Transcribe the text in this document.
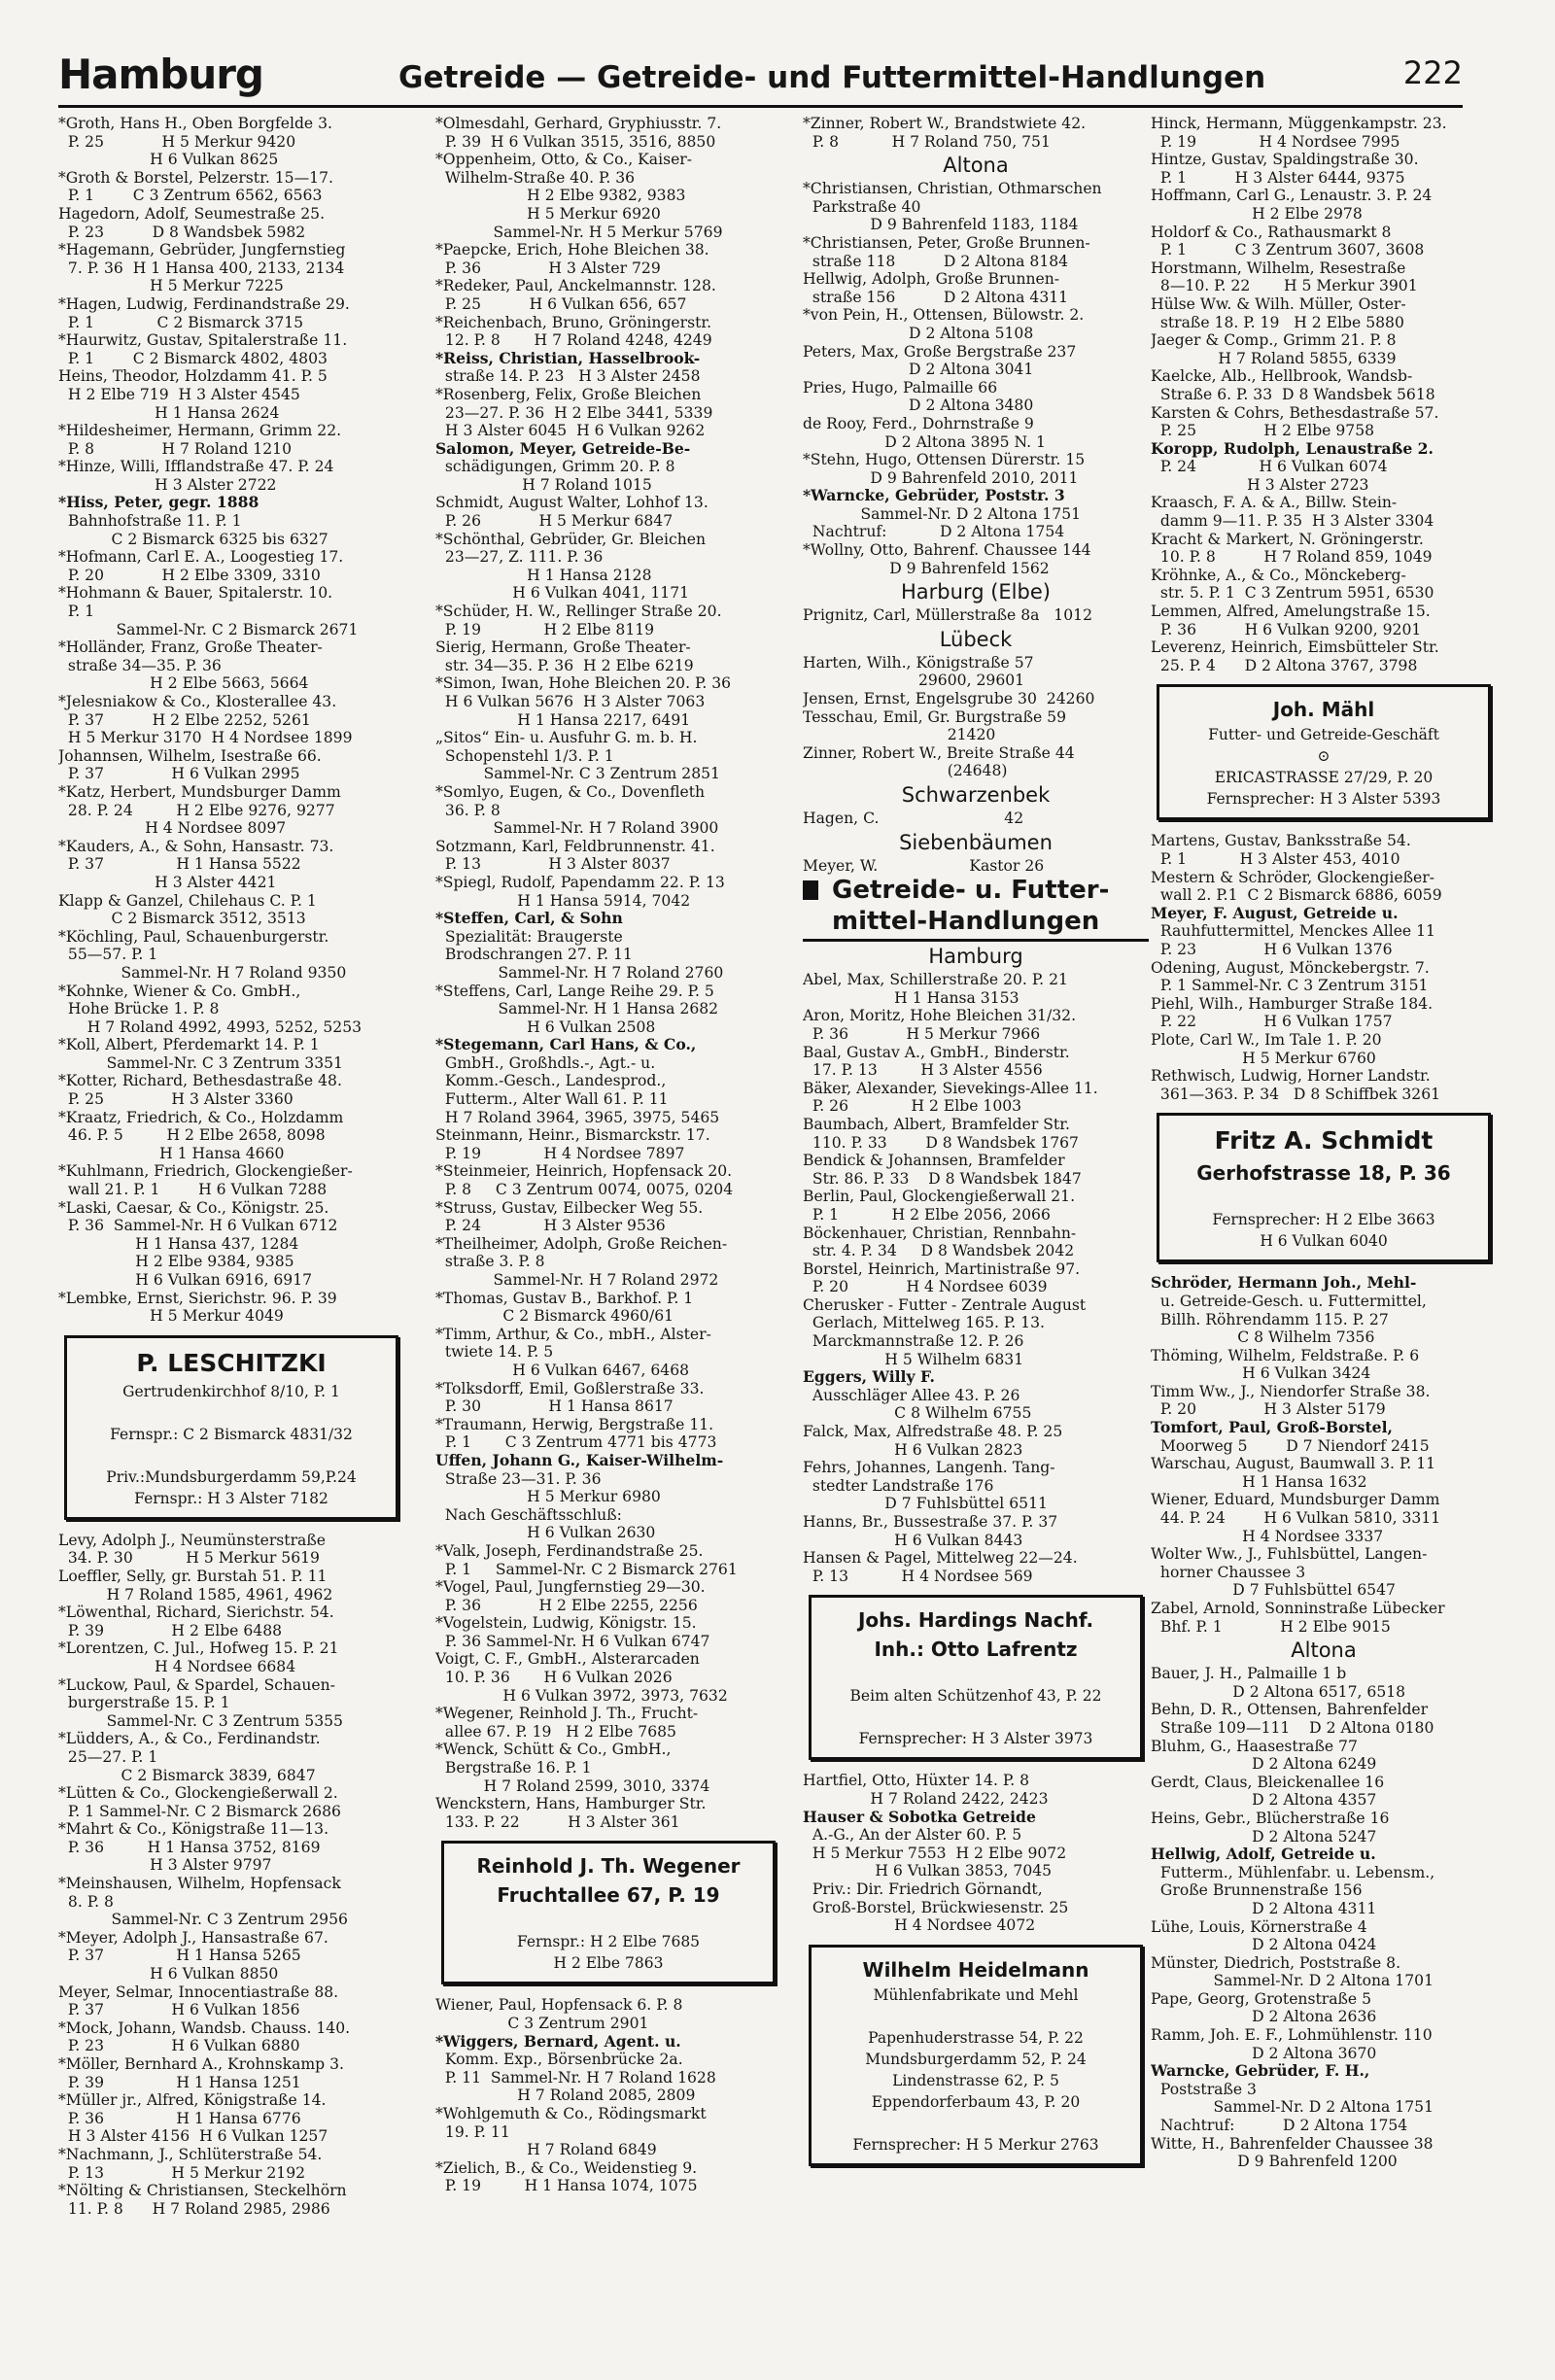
Hamburg	Getreide — Getreide- und Futtermittel-Handlungen	222
*Groth, Hans H., Oben Borgfelde 3.
P. 25            H 5 Merkur 9420
H 6 Vulkan 8625
*Groth & Borstel, Pelzerstr. 15—17.
P. 1        C 3 Zentrum 6562, 6563
Hagedorn, Adolf, Seumestraße 25.
P. 23          D 8 Wandsbek 5982
*Hagemann, Gebrüder, Jungfernstieg
7. P. 36  H 1 Hansa 400, 2133, 2134
H 5 Merkur 7225
*Hagen, Ludwig, Ferdinandstraße 29.
P. 1             C 2 Bismarck 3715
*Haurwitz, Gustav, Spitalerstraße 11.
P. 1        C 2 Bismarck 4802, 4803
Heins, Theodor, Holzdamm 41. P. 5
H 2 Elbe 719  H 3 Alster 4545
H 1 Hansa 2624
*Hildesheimer, Hermann, Grimm 22.
P. 8              H 7 Roland 1210
*Hinze, Willi, Ifflandstraße 47. P. 24
H 3 Alster 2722
*Hiss, Peter, gegr. 1888
Bahnhofstraße 11. P. 1
C 2 Bismarck 6325 bis 6327
*Hofmann, Carl E. A., Loogestieg 17.
P. 20            H 2 Elbe 3309, 3310
*Hohmann & Bauer, Spitalerstr. 10.
P. 1
Sammel-Nr. C 2 Bismarck 2671
*Holländer, Franz, Große Theater-
straße 34—35. P. 36
H 2 Elbe 5663, 5664
*Jelesniakow & Co., Klosterallee 43.
P. 37          H 2 Elbe 2252, 5261
H 5 Merkur 3170  H 4 Nordsee 1899
Johannsen, Wilhelm, Isestraße 66.
P. 37              H 6 Vulkan 2995
*Katz, Herbert, Mundsburger Damm
28. P. 24         H 2 Elbe 9276, 9277
H 4 Nordsee 8097
*Kauders, A., & Sohn, Hansastr. 73.
P. 37               H 1 Hansa 5522
H 3 Alster 4421
Klapp & Ganzel, Chilehaus C. P. 1
C 2 Bismarck 3512, 3513
*Köchling, Paul, Schauenburgerstr.
55—57. P. 1
Sammel-Nr. H 7 Roland 9350
*Kohnke, Wiener & Co. GmbH.,
Hohe Brücke 1. P. 8
H 7 Roland 4992, 4993, 5252, 5253
*Koll, Albert, Pferdemarkt 14. P. 1
Sammel-Nr. C 3 Zentrum 3351
*Kotter, Richard, Bethesdastraße 48.
P. 25              H 3 Alster 3360
*Kraatz, Friedrich, & Co., Holzdamm
46. P. 5         H 2 Elbe 2658, 8098
H 1 Hansa 4660
*Kuhlmann, Friedrich, Glockengießer-
wall 21. P. 1        H 6 Vulkan 7288
*Laski, Caesar, & Co., Königstr. 25.
P. 36  Sammel-Nr. H 6 Vulkan 6712
H 1 Hansa 437, 1284
H 2 Elbe 9384, 9385
H 6 Vulkan 6916, 6917
*Lembke, Ernst, Sierichstr. 96. P. 39
H 5 Merkur 4049
P. LESCHITZKI
Gertrudenkirchhof 8/10, P. 1

Fernspr.: C 2 Bismarck 4831/32

Priv.:Mundsburgerdamm 59,P.24
Fernspr.: H 3 Alster 7182
Levy, Adolph J., Neumünsterstraße
34. P. 30           H 5 Merkur 5619
Loeffler, Selly, gr. Burstah 51. P. 11
H 7 Roland 1585, 4961, 4962
*Löwenthal, Richard, Sierichstr. 54.
P. 39              H 2 Elbe 6488
*Lorentzen, C. Jul., Hofweg 15. P. 21
H 4 Nordsee 6684
*Luckow, Paul, & Spardel, Schauen-
burgerstraße 15. P. 1
Sammel-Nr. C 3 Zentrum 5355
*Lüdders, A., & Co., Ferdinandstr.
25—27. P. 1
C 2 Bismarck 3839, 6847
*Lütten & Co., Glockengießerwall 2.
P. 1 Sammel-Nr. C 2 Bismarck 2686
*Mahrt & Co., Königstraße 11—13.
P. 36         H 1 Hansa 3752, 8169
H 3 Alster 9797
*Meinshausen, Wilhelm, Hopfensack
8. P. 8
Sammel-Nr. C 3 Zentrum 2956
*Meyer, Adolph J., Hansastraße 67.
P. 37               H 1 Hansa 5265
H 6 Vulkan 8850
Meyer, Selmar, Innocentiastraße 88.
P. 37              H 6 Vulkan 1856
*Mock, Johann, Wandsb. Chauss. 140.
P. 23              H 6 Vulkan 6880
*Möller, Bernhard A., Krohnskamp 3.
P. 39               H 1 Hansa 1251
*Müller jr., Alfred, Königstraße 14.
P. 36               H 1 Hansa 6776
H 3 Alster 4156  H 6 Vulkan 1257
*Nachmann, J., Schlüterstraße 54.
P. 13              H 5 Merkur 2192
*Nölting & Christiansen, Steckelhörn
11. P. 8      H 7 Roland 2985, 2986
*Olmesdahl, Gerhard, Gryphiusstr. 7.
P. 39  H 6 Vulkan 3515, 3516, 8850
*Oppenheim, Otto, & Co., Kaiser-
Wilhelm-Straße 40. P. 36
H 2 Elbe 9382, 9383
H 5 Merkur 6920
Sammel-Nr. H 5 Merkur 5769
*Paepcke, Erich, Hohe Bleichen 38.
P. 36              H 3 Alster 729
*Redeker, Paul, Anckelmannstr. 128.
P. 25          H 6 Vulkan 656, 657
*Reichenbach, Bruno, Gröningerstr.
12. P. 8       H 7 Roland 4248, 4249
*Reiss, Christian, Hasselbrook-
straße 14. P. 23   H 3 Alster 2458
*Rosenberg, Felix, Große Bleichen
23—27. P. 36  H 2 Elbe 3441, 5339
H 3 Alster 6045  H 6 Vulkan 9262
Salomon, Meyer, Getreide-Be-
schädigungen, Grimm 20. P. 8
H 7 Roland 1015
Schmidt, August Walter, Lohhof 13.
P. 26            H 5 Merkur 6847
*Schönthal, Gebrüder, Gr. Bleichen
23—27, Z. 111. P. 36
H 1 Hansa 2128
H 6 Vulkan 4041, 1171
*Schüder, H. W., Rellinger Straße 20.
P. 19             H 2 Elbe 8119
Sierig, Hermann, Große Theater-
str. 34—35. P. 36  H 2 Elbe 6219
*Simon, Iwan, Hohe Bleichen 20. P. 36
H 6 Vulkan 5676  H 3 Alster 7063
H 1 Hansa 2217, 6491
„Sitos“ Ein- u. Ausfuhr G. m. b. H.
Schopenstehl 1/3. P. 1
Sammel-Nr. C 3 Zentrum 2851
*Somlyo, Eugen, & Co., Dovenfleth
36. P. 8
Sammel-Nr. H 7 Roland 3900
Sotzmann, Karl, Feldbrunnenstr. 41.
P. 13              H 3 Alster 8037
*Spiegl, Rudolf, Papendamm 22. P. 13
H 1 Hansa 5914, 7042
*Steffen, Carl, & Sohn
Spezialität: Braugerste
Brodschrangen 27. P. 11
Sammel-Nr. H 7 Roland 2760
*Steffens, Carl, Lange Reihe 29. P. 5
Sammel-Nr. H 1 Hansa 2682
H 6 Vulkan 2508
*Stegemann, Carl Hans, & Co.,
GmbH., Großhdls.-, Agt.- u.
Komm.-Gesch., Landesprod.,
Futterm., Alter Wall 61. P. 11
H 7 Roland 3964, 3965, 3975, 5465
Steinmann, Heinr., Bismarckstr. 17.
P. 19             H 4 Nordsee 7897
*Steinmeier, Heinrich, Hopfensack 20.
P. 8     C 3 Zentrum 0074, 0075, 0204
*Struss, Gustav, Eilbecker Weg 55.
P. 24             H 3 Alster 9536
*Theilheimer, Adolph, Große Reichen-
straße 3. P. 8
Sammel-Nr. H 7 Roland 2972
*Thomas, Gustav B., Barkhof. P. 1
C 2 Bismarck 4960/61
*Timm, Arthur, & Co., mbH., Alster-
twiete 14. P. 5
H 6 Vulkan 6467, 6468
*Tolksdorff, Emil, Goßlerstraße 33.
P. 30              H 1 Hansa 8617
*Traumann, Herwig, Bergstraße 11.
P. 1       C 3 Zentrum 4771 bis 4773
Uffen, Johann G., Kaiser-Wilhelm-
Straße 23—31. P. 36
H 5 Merkur 6980
Nach Geschäftsschluß:
H 6 Vulkan 2630
*Valk, Joseph, Ferdinandstraße 25.
P. 1     Sammel-Nr. C 2 Bismarck 2761
*Vogel, Paul, Jungfernstieg 29—30.
P. 36            H 2 Elbe 2255, 2256
*Vogelstein, Ludwig, Königstr. 15.
P. 36 Sammel-Nr. H 6 Vulkan 6747
Voigt, C. F., GmbH., Alsterarcaden
10. P. 36       H 6 Vulkan 2026
H 6 Vulkan 3972, 3973, 7632
*Wegener, Reinhold J. Th., Frucht-
allee 67. P. 19   H 2 Elbe 7685
*Wenck, Schütt & Co., GmbH.,
Bergstraße 16. P. 1
H 7 Roland 2599, 3010, 3374
Wenckstern, Hans, Hamburger Str.
133. P. 22          H 3 Alster 361
Reinhold J. Th. Wegener
Fruchtallee 67, P. 19

Fernspr.: H 2 Elbe 7685
H 2 Elbe 7863
Wiener, Paul, Hopfensack 6. P. 8
C 3 Zentrum 2901
*Wiggers, Bernard, Agent. u.
Komm. Exp., Börsenbrücke 2a.
P. 11  Sammel-Nr. H 7 Roland 1628
H 7 Roland 2085, 2809
*Wohlgemuth & Co., Rödingsmarkt
19. P. 11
H 7 Roland 6849
*Zielich, B., & Co., Weidenstieg 9.
P. 19         H 1 Hansa 1074, 1075
*Zinner, Robert W., Brandstwiete 42.
P. 8           H 7 Roland 750, 751
Altona
*Christiansen, Christian, Othmarschen
Parkstraße 40
D 9 Bahrenfeld 1183, 1184
*Christiansen, Peter, Große Brunnen-
straße 118          D 2 Altona 8184
Hellwig, Adolph, Große Brunnen-
straße 156          D 2 Altona 4311
*von Pein, H., Ottensen, Bülowstr. 2.
D 2 Altona 5108
Peters, Max, Große Bergstraße 237
D 2 Altona 3041
Pries, Hugo, Palmaille 66
D 2 Altona 3480
de Rooy, Ferd., Dohrnstraße 9
D 2 Altona 3895 N. 1
*Stehn, Hugo, Ottensen Dürerstr. 15
D 9 Bahrenfeld 2010, 2011
*Warncke, Gebrüder, Poststr. 3
Sammel-Nr. D 2 Altona 1751
Nachtruf:           D 2 Altona 1754
*Wollny, Otto, Bahrenf. Chaussee 144
D 9 Bahrenfeld 1562
Harburg (Elbe)
Prignitz, Carl, Müllerstraße 8a   1012
Lübeck
Harten, Wilh., Königstraße 57
29600, 29601
Jensen, Ernst, Engelsgrube 30  24260
Tesschau, Emil, Gr. Burgstraße 59
21420
Zinner, Robert W., Breite Straße 44
(24648)
Schwarzenbek
Hagen, C.                          42
Siebenbäumen
Meyer, W.                   Kastor 26
Getreide- u. Futter-
mittel-Handlungen
Hamburg
Abel, Max, Schillerstraße 20. P. 21
H 1 Hansa 3153
Aron, Moritz, Hohe Bleichen 31/32.
P. 36            H 5 Merkur 7966
Baal, Gustav A., GmbH., Binderstr.
17. P. 13         H 3 Alster 4556
Bäker, Alexander, Sievekings-Allee 11.
P. 26             H 2 Elbe 1003
Baumbach, Albert, Bramfelder Str.
110. P. 33        D 8 Wandsbek 1767
Bendick & Johannsen, Bramfelder
Str. 86. P. 33    D 8 Wandsbek 1847
Berlin, Paul, Glockengießerwall 21.
P. 1           H 2 Elbe 2056, 2066
Böckenhauer, Christian, Rennbahn-
str. 4. P. 34     D 8 Wandsbek 2042
Borstel, Heinrich, Martinistraße 97.
P. 20            H 4 Nordsee 6039
Cherusker - Futter - Zentrale August
Gerlach, Mittelweg 165. P. 13.
Marckmannstraße 12. P. 26
H 5 Wilhelm 6831
Eggers, Willy F.
Ausschläger Allee 43. P. 26
C 8 Wilhelm 6755
Falck, Max, Alfredstraße 48. P. 25
H 6 Vulkan 2823
Fehrs, Johannes, Langenh. Tang-
stedter Landstraße 176
D 7 Fuhlsbüttel 6511
Hanns, Br., Bussestraße 37. P. 37
H 6 Vulkan 8443
Hansen & Pagel, Mittelweg 22—24.
P. 13           H 4 Nordsee 569
Johs. Hardings Nachf.
Inh.: Otto Lafrentz

Beim alten Schützenhof 43, P. 22

Fernsprecher: H 3 Alster 3973
Hartfiel, Otto, Hüxter 14. P. 8
H 7 Roland 2422, 2423
Hauser & Sobotka Getreide
A.-G., An der Alster 60. P. 5
H 5 Merkur 7553  H 2 Elbe 9072
H 6 Vulkan 3853, 7045
Priv.: Dir. Friedrich Görnandt,
Groß-Borstel, Brückwiesenstr. 25
H 4 Nordsee 4072
Wilhelm Heidelmann
Mühlenfabrikate und Mehl

Papenhuderstrasse 54, P. 22
Mundsburgerdamm 52, P. 24
Lindenstrasse 62, P. 5
Eppendorferbaum 43, P. 20

Fernsprecher: H 5 Merkur 2763
Hinck, Hermann, Müggenkampstr. 23.
P. 19             H 4 Nordsee 7995
Hintze, Gustav, Spaldingstraße 30.
P. 1          H 3 Alster 6444, 9375
Hoffmann, Carl G., Lenaustr. 3. P. 24
H 2 Elbe 2978
Holdorf & Co., Rathausmarkt 8
P. 1          C 3 Zentrum 3607, 3608
Horstmann, Wilhelm, Resestraße
8—10. P. 22       H 5 Merkur 3901
Hülse Ww. & Wilh. Müller, Oster-
straße 18. P. 19   H 2 Elbe 5880
Jaeger & Comp., Grimm 21. P. 8
H 7 Roland 5855, 6339
Kaelcke, Alb., Hellbrook, Wandsb-
Straße 6. P. 33  D 8 Wandsbek 5618
Karsten & Cohrs, Bethesdastraße 57.
P. 25              H 2 Elbe 9758
Koropp, Rudolph, Lenaustraße 2.
P. 24             H 6 Vulkan 6074
H 3 Alster 2723
Kraasch, F. A. & A., Billw. Stein-
damm 9—11. P. 35  H 3 Alster 3304
Kracht & Markert, N. Gröningerstr.
10. P. 8          H 7 Roland 859, 1049
Kröhnke, A., & Co., Mönckeberg-
str. 5. P. 1  C 3 Zentrum 5951, 6530
Lemmen, Alfred, Amelungstraße 15.
P. 36          H 6 Vulkan 9200, 9201
Leverenz, Heinrich, Eimsbütteler Str.
25. P. 4      D 2 Altona 3767, 3798
Joh. Mähl
Futter- und Getreide-Geschäft
⊙
ERICASTRASSE 27/29, P. 20
Fernsprecher: H 3 Alster 5393
Martens, Gustav, Banksstraße 54.
P. 1           H 3 Alster 453, 4010
Mestern & Schröder, Glockengießer-
wall 2. P.1  C 2 Bismarck 6886, 6059
Meyer, F. August, Getreide u.
Rauhfuttermittel, Menckes Allee 11
P. 23              H 6 Vulkan 1376
Odening, August, Mönckebergstr. 7.
P. 1 Sammel-Nr. C 3 Zentrum 3151
Piehl, Wilh., Hamburger Straße 184.
P. 22              H 6 Vulkan 1757
Plote, Carl W., Im Tale 1. P. 20
H 5 Merkur 6760
Rethwisch, Ludwig, Horner Landstr.
361—363. P. 34   D 8 Schiffbek 3261
Fritz A. Schmidt
Gerhofstrasse 18, P. 36

Fernsprecher: H 2 Elbe 3663
H 6 Vulkan 6040
Schröder, Hermann Joh., Mehl-
u. Getreide-Gesch. u. Futtermittel,
Billh. Röhrendamm 115. P. 27
C 8 Wilhelm 7356
Thöming, Wilhelm, Feldstraße. P. 6
H 6 Vulkan 3424
Timm Ww., J., Niendorfer Straße 38.
P. 20              H 3 Alster 5179
Tomfort, Paul, Groß-Borstel,
Moorweg 5        D 7 Niendorf 2415
Warschau, August, Baumwall 3. P. 11
H 1 Hansa 1632
Wiener, Eduard, Mundsburger Damm
44. P. 24        H 6 Vulkan 5810, 3311
H 4 Nordsee 3337
Wolter Ww., J., Fuhlsbüttel, Langen-
horner Chaussee 3
D 7 Fuhlsbüttel 6547
Zabel, Arnold, Sonninstraße Lübecker
Bhf. P. 1            H 2 Elbe 9015
Altona
Bauer, J. H., Palmaille 1 b
D 2 Altona 6517, 6518
Behn, D. R., Ottensen, Bahrenfelder
Straße 109—111    D 2 Altona 0180
Bluhm, G., Haasestraße 77
D 2 Altona 6249
Gerdt, Claus, Bleickenallee 16
D 2 Altona 4357
Heins, Gebr., Blücherstraße 16
D 2 Altona 5247
Hellwig, Adolf, Getreide u.
Futterm., Mühlenfabr. u. Lebensm.,
Große Brunnenstraße 156
D 2 Altona 4311
Lühe, Louis, Körnerstraße 4
D 2 Altona 0424
Münster, Diedrich, Poststraße 8.
Sammel-Nr. D 2 Altona 1701
Pape, Georg, Grotenstraße 5
D 2 Altona 2636
Ramm, Joh. E. F., Lohmühlenstr. 110
D 2 Altona 3670
Warncke, Gebrüder, F. H.,
Poststraße 3
Sammel-Nr. D 2 Altona 1751
Nachtruf:          D 2 Altona 1754
Witte, H., Bahrenfelder Chaussee 38
D 9 Bahrenfeld 1200
